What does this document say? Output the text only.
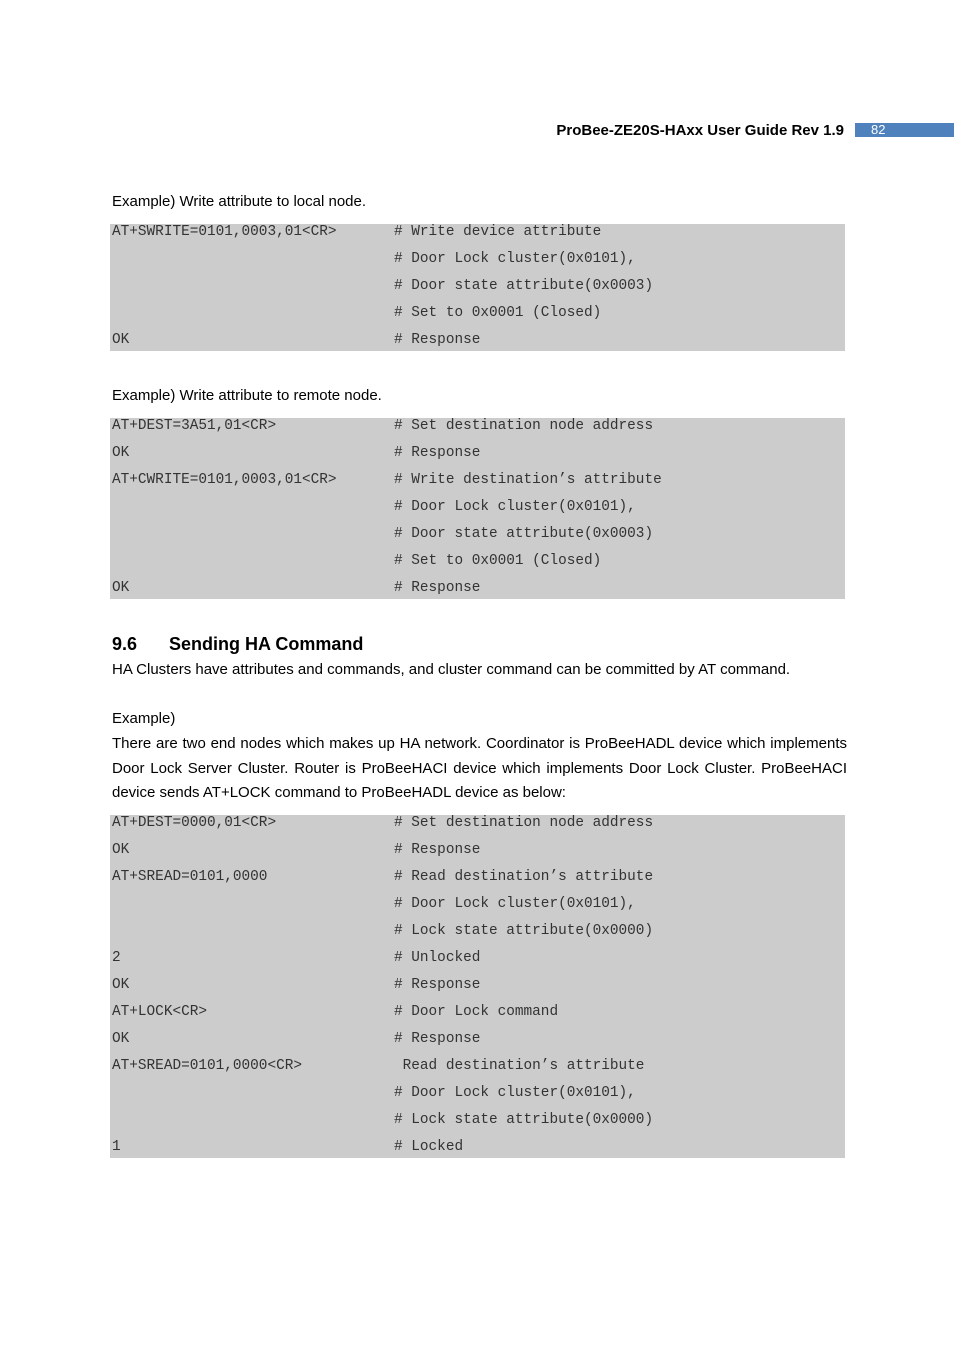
ProBee-ZE20S-HAxx User Guide Rev 1.9	82
Example) Write attribute to local node.
AT+SWRITE=0101,0003,01<CR>	# Write device attribute
# Door Lock cluster(0x0101),
# Door state attribute(0x0003)
# Set to 0x0001 (Closed)
OK	# Response
Example) Write attribute to remote node.
AT+DEST=3A51,01<CR>	# Set destination node address
OK	# Response
AT+CWRITE=0101,0003,01<CR>	# Write destination’s attribute
# Door Lock cluster(0x0101),
# Door state attribute(0x0003)
# Set to 0x0001 (Closed)
OK	# Response
9.6 Sending HA Command
HA Clusters have attributes and commands, and cluster command can be committed by AT command.
Example)
There are two end nodes which makes up HA network. Coordinator is ProBeeHADL device which implements Door Lock Server Cluster. Router is ProBeeHACI device which implements Door Lock Cluster. ProBeeHACI device sends AT+LOCK command to ProBeeHADL device as below:
AT+DEST=0000,01<CR>	# Set destination node address
OK	# Response
AT+SREAD=0101,0000	# Read destination’s attribute
# Door Lock cluster(0x0101),
# Lock state attribute(0x0000)
2	# Unlocked
OK	# Response
AT+LOCK<CR>	# Door Lock command
OK	# Response
AT+SREAD=0101,0000<CR>	Read destination’s attribute
# Door Lock cluster(0x0101),
# Lock state attribute(0x0000)
1	# Locked
